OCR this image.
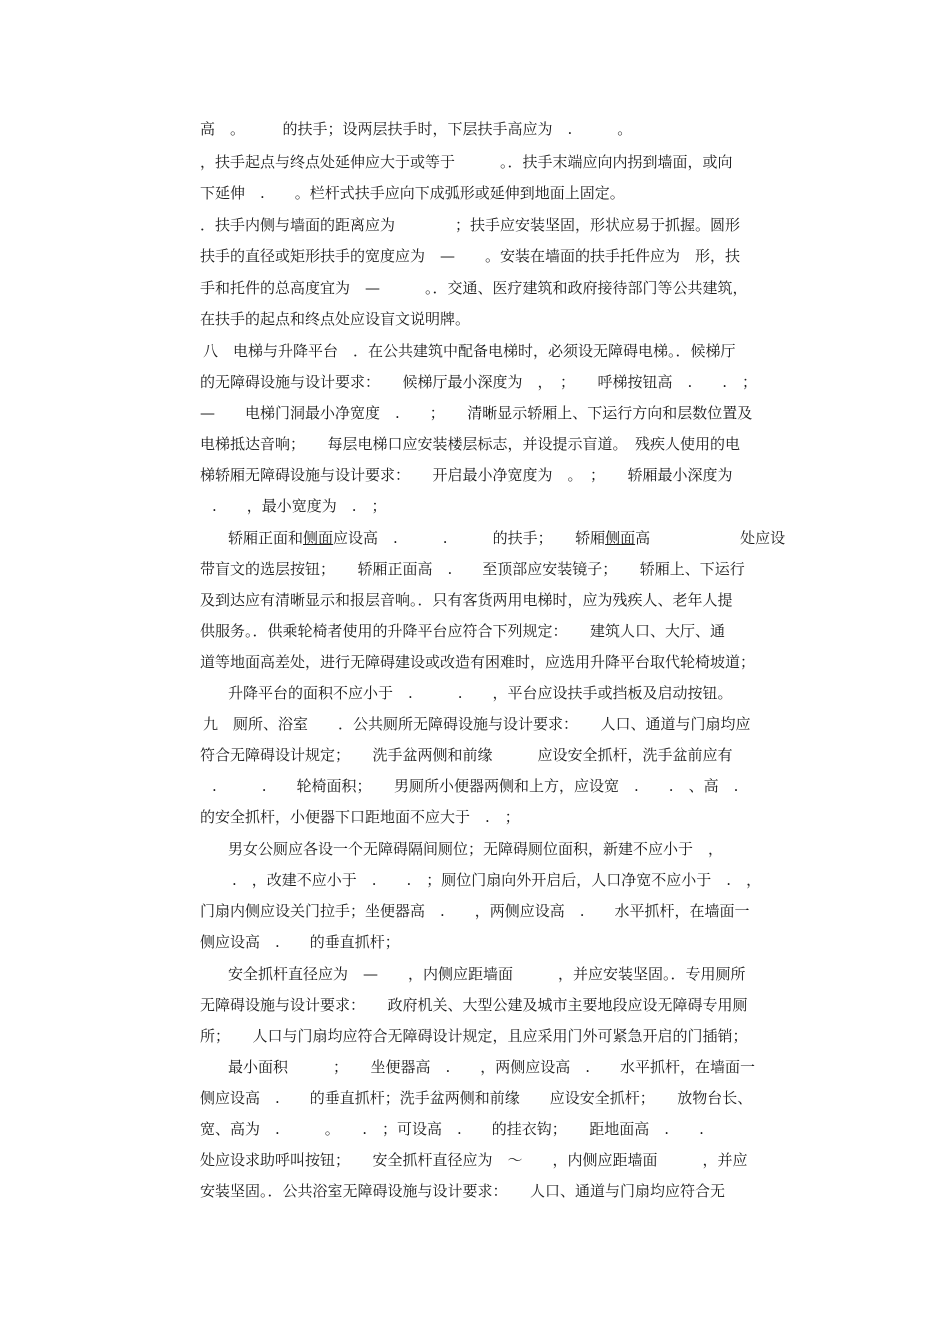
高　。　　　的扶手；设两层扶手时，下层扶手高应为　.　　　。
，扶手起点与终点处延伸应大于或等于　　　。．扶手末端应向内拐到墙面，或向
下延伸　.　　。栏杆式扶手应向下成弧形或延伸到地面上固定。
．扶手内侧与墙面的距离应为　　　　；扶手应安装坚固，形状应易于抓握。圆形
扶手的直径或矩形扶手的宽度应为　—　　。安装在墙面的扶手托件应为　形，扶
手和托件的总高度宜为　—　　　。．交通、医疗建筑和政府接待部门等公共建筑，
在扶手的起点和终点处应设盲文说明牌。
八　电梯与升降平台　．在公共建筑中配备电梯时，必须设无障碍电梯。．候梯厅
的无障碍设施与设计要求：　　候梯厅最小深度为　，　；　　呼梯按钮高　.　　.　；
—　　电梯门洞最小净宽度　.　　；　　清晰显示轿厢上、下运行方向和层数位置及
电梯抵达音响；　　每层电梯口应安装楼层标志，并设提示盲道。　残疾人使用的电
梯轿厢无障碍设施与设计要求：　　开启最小净宽度为　。　；　　轿厢最小深度为
.　　，最小宽度为　.　；
轿厢正面和侧面应设高　.　　　.　　　的扶手；　　轿厢侧面高　　　　　　处应设
带盲文的选层按钮；　　轿厢正面高　.　　至顶部应安装镜子；　　轿厢上、下运行
及到达应有清晰显示和报层音响。．只有客货两用电梯时，应为残疾人、老年人提
供服务。．供乘轮椅者使用的升降平台应符合下列规定：　　建筑人口、大厅、通
道等地面高差处，进行无障碍建设或改造有困难时，应选用升降平台取代轮椅坡道；
升降平台的面积不应小于　.　　　.　　，平台应设扶手或挡板及启动按钮。
九　厕所、浴室　　．公共厕所无障碍设施与设计要求：　　人口、通道与门扇均应
符合无障碍设计规定；　　洗手盆两侧和前缘　　　应设安全抓杆，洗手盆前应有
.　　　.　　轮椅面积；　　男厕所小便器两侧和上方，应设宽　.　　.　、高　.
的安全抓杆，小便器下口距地面不应大于　.　；
男女公厕应各设一个无障碍隔间厕位；无障碍厕位面积，新建不应小于　，
.　，改建不应小于　.　　.　；厕位门扇向外开启后，人口净宽不应小于　.　，
门扇内侧应设关门拉手；坐便器高　.　　，两侧应设高　.　　水平抓杆，在墙面一
侧应设高　.　　的垂直抓杆；
安全抓杆直径应为　—　　，内侧应距墙面　　　，并应安装坚固。．专用厕所
无障碍设施与设计要求：　　政府机关、大型公建及城市主要地段应设无障碍专用厕
所；　　人口与门扇均应符合无障碍设计规定，且应采用门外可紧急开启的门插销；
最小面积　　　；　　坐便器高　.　　，两侧应设高　.　　水平抓杆，在墙面一
侧应设高　.　　的垂直抓杆；洗手盆两侧和前缘　　应设安全抓杆；　　放物台长、
宽、高为　.　　　。　　.　；可设高　.　　的挂衣钩；　　距地面高　.　　.
处应设求助呼叫按钮；　　安全抓杆直径应为　～　　，内侧应距墙面　　　，并应
安装坚固。．公共浴室无障碍设施与设计要求：　　人口、通道与门扇均应符合无
